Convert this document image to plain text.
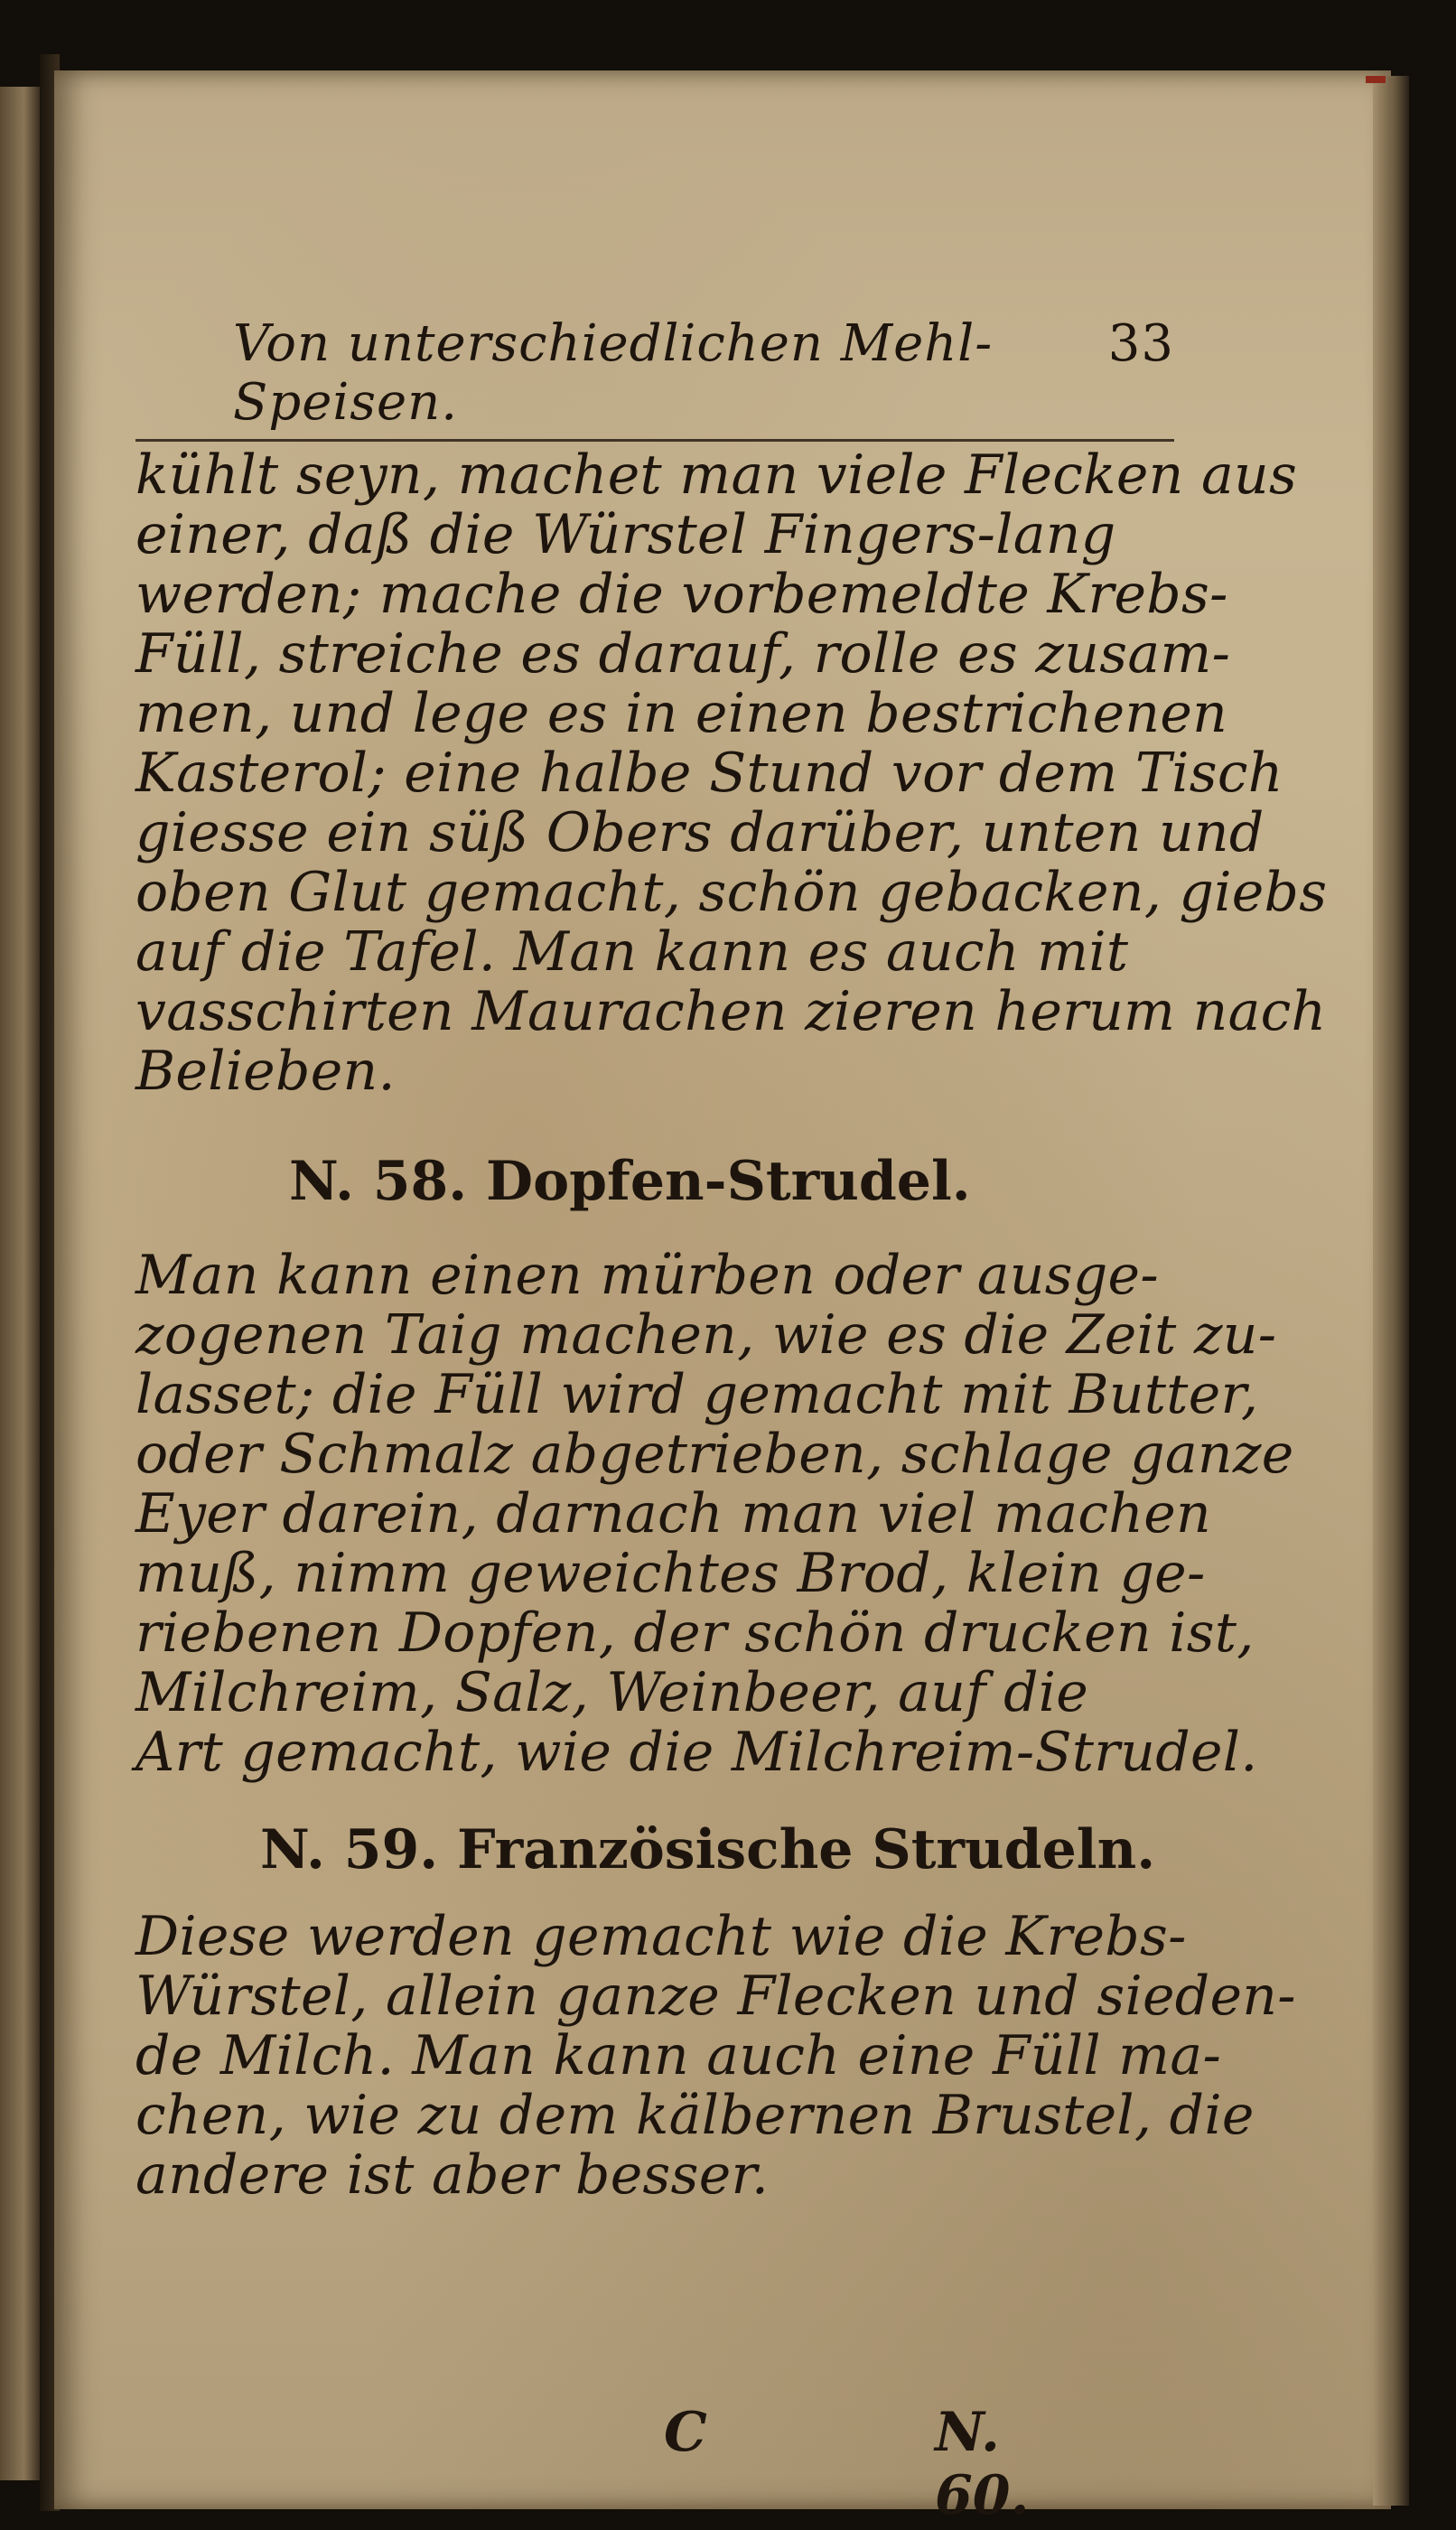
Von unterschiedlichen Mehl-Speisen.
33
kühlt seyn, machet man viele Flecken aus
einer, daß die Würstel Fingers-lang
werden; mache die vorbemeldte Krebs-
Füll, streiche es darauf, rolle es zusam-
men, und lege es in einen bestrichenen
Kasterol; eine halbe Stund vor dem Tisch
giesse ein süß Obers darüber, unten und
oben Glut gemacht, schön gebacken, giebs
auf die Tafel. Man kann es auch mit
vasschirten Maurachen zieren herum nach
Belieben.
N. 58. Dopfen-Strudel.
Man kann einen mürben oder ausge-
zogenen Taig machen, wie es die Zeit zu-
lasset; die Füll wird gemacht mit Butter,
oder Schmalz abgetrieben, schlage ganze
Eyer darein, darnach man viel machen
muß, nimm geweichtes Brod, klein ge-
riebenen Dopfen, der schön drucken ist,
Milchreim, Salz, Weinbeer, auf die
Art gemacht, wie die Milchreim-Strudel.
N. 59. Französische Strudeln.
Diese werden gemacht wie die Krebs-
Würstel, allein ganze Flecken und sieden-
de Milch. Man kann auch eine Füll ma-
chen, wie zu dem kälbernen Brustel, die
andere ist aber besser.
C	N. 60.
